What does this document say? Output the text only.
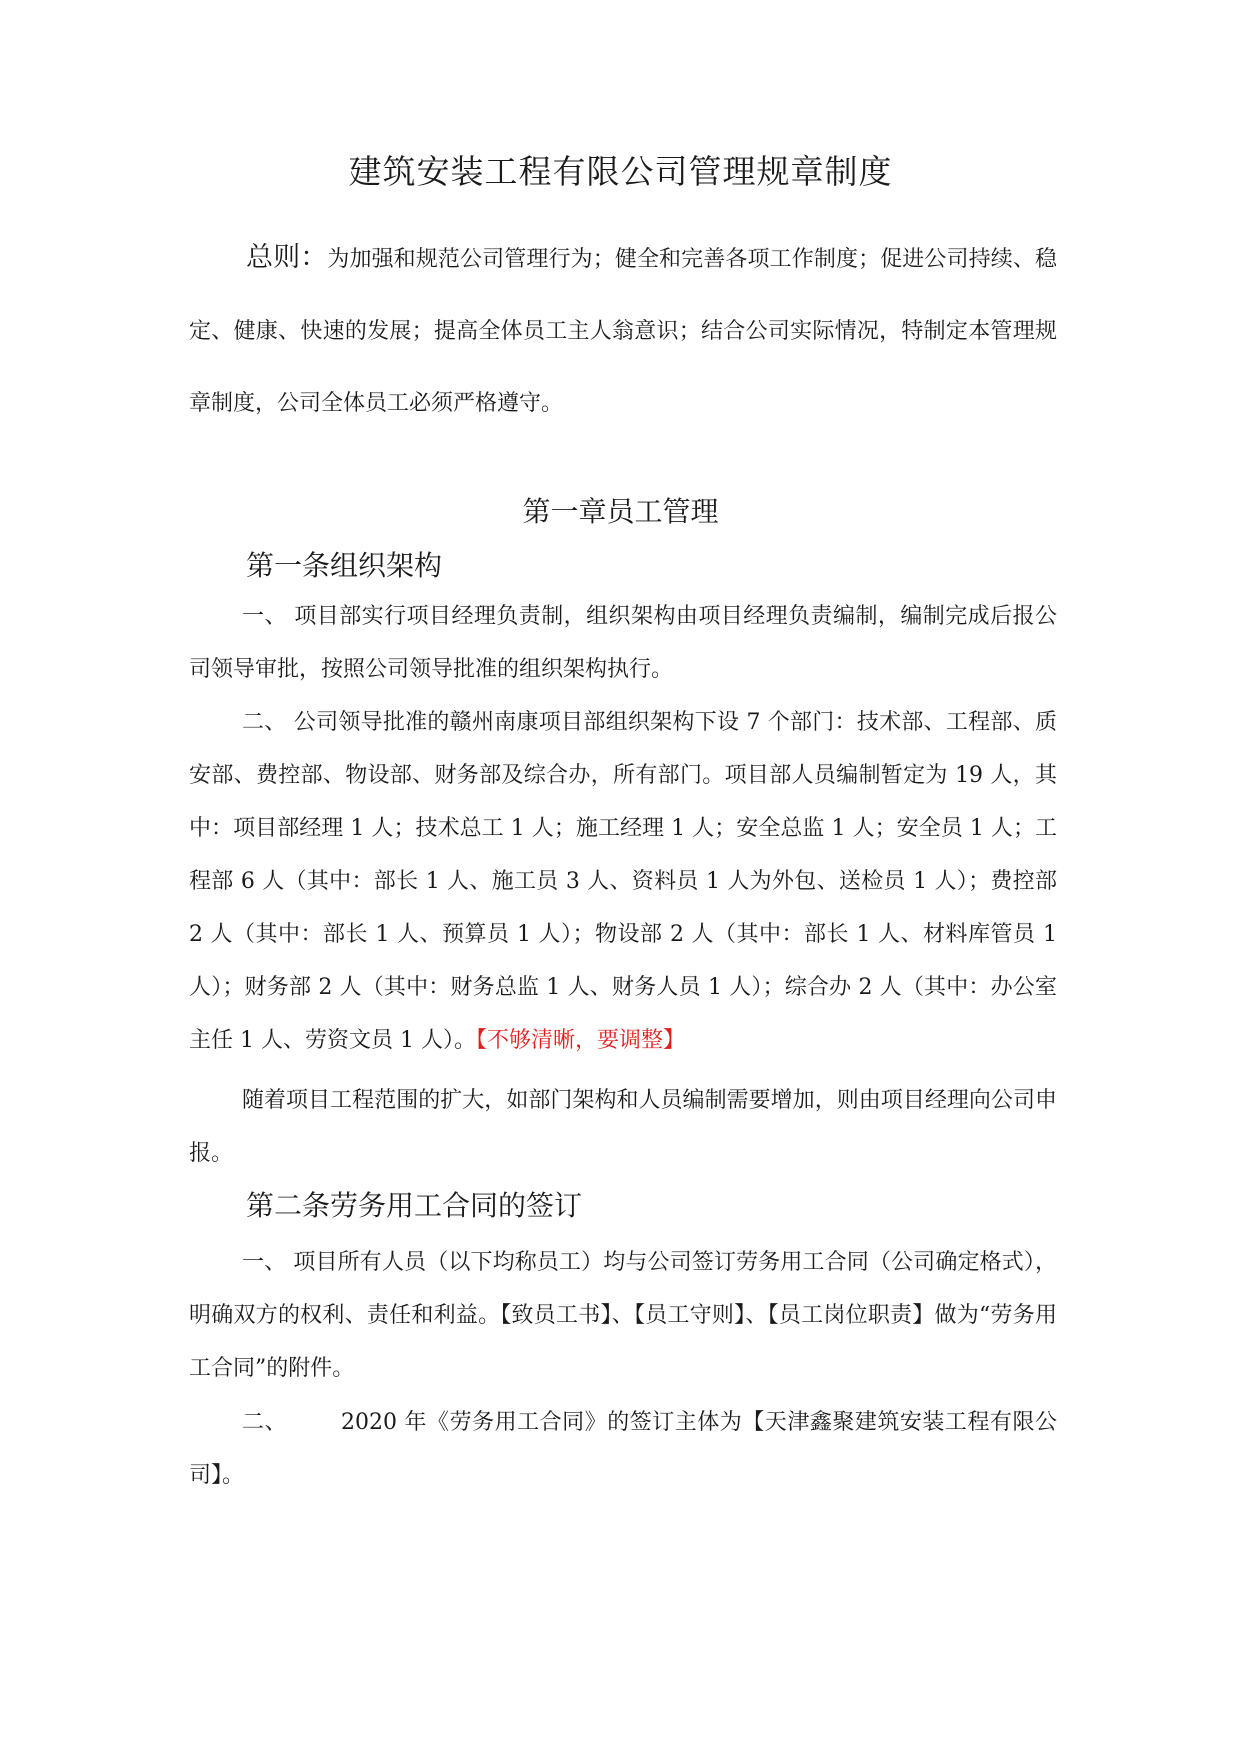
建筑安装工程有限公司管理规章制度

总则：为加强和规范公司管理行为；健全和完善各项工作制度；促进公司持续、稳定、健康、快速的发展；提高全体员工主人翁意识；结合公司实际情况，特制定本管理规章制度，公司全体员工必须严格遵守。

第一章员工管理
第一条组织架构

一、 项目部实行项目经理负责制，组织架构由项目经理负责编制，编制完成后报公司领导审批，按照公司领导批准的组织架构执行。

二、 公司领导批准的赣州南康项目部组织架构下设 7 个部门：技术部、工程部、质安部、费控部、物设部、财务部及综合办，所有部门。项目部人员编制暂定为 19 人，其中：项目部经理 1 人；技术总工 1 人；施工经理 1 人；安全总监 1 人；安全员 1 人；工程部 6 人（其中：部长 1 人、施工员 3 人、资料员 1 人为外包、送检员 1 人）；费控部 2 人（其中：部长 1 人、预算员 1 人）；物设部 2 人（其中：部长 1 人、材料库管员 1 人）；财务部 2 人（其中：财务总监 1 人、财务人员 1 人）；综合办 2 人（其中：办公室主任 1 人、劳资文员 1 人）。【不够清晰，要调整】

随着项目工程范围的扩大，如部门架构和人员编制需要增加，则由项目经理向公司申报。

第二条劳务用工合同的签订

一、 项目所有人员（以下均称员工）均与公司签订劳务用工合同（公司确定格式），明确双方的权利、责任和利益。【致员工书】、【员工守则】、【员工岗位职责】做为“劳务用工合同”的附件。

二、 2020 年《劳务用工合同》的签订主体为【天津鑫聚建筑安装工程有限公司】。
